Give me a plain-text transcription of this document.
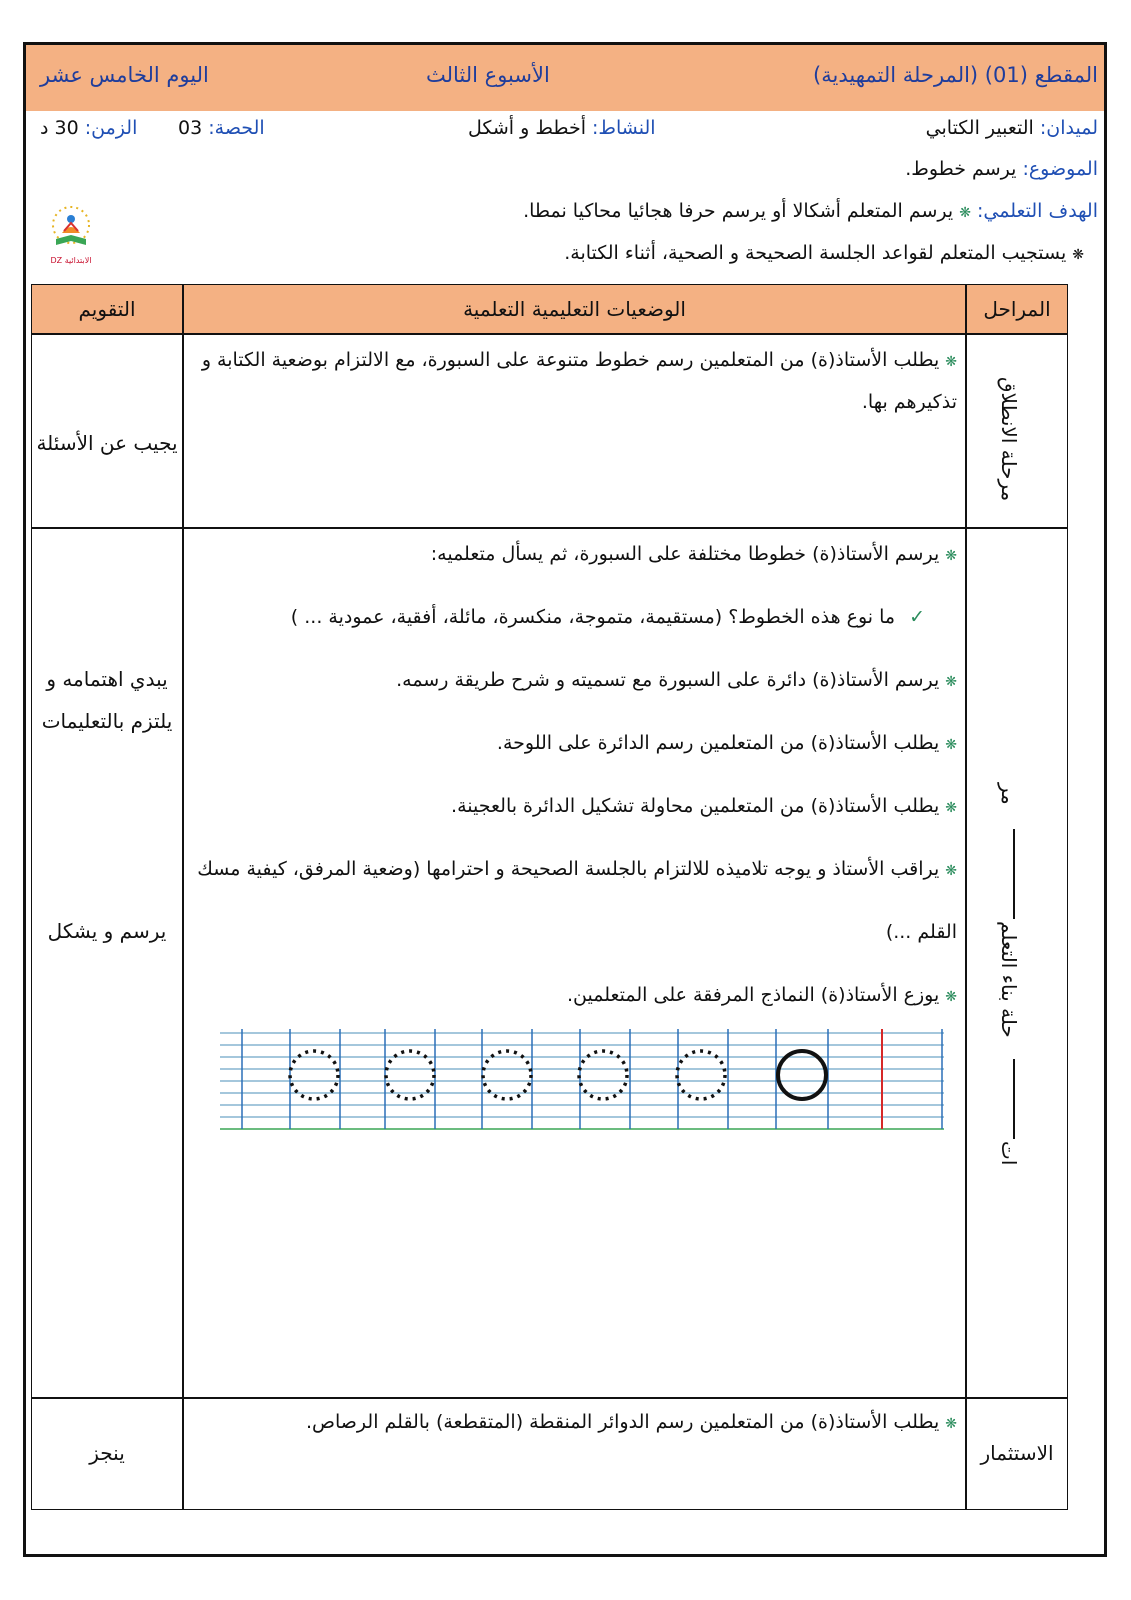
المقطع (01) (المرحلة التمهيدية)
الأسبوع الثالث
اليوم الخامس عشر
لميدان: التعبير الكتابي
النشاط: أخطط و أشكل
الحصة: 03
الزمن: 30 د
الموضوع: يرسم خطوط.
الهدف التعلمي: ❋يرسم المتعلم أشكالا أو يرسم حرفا هجائيا محاكيا نمطا.
❋يستجيب المتعلم لقواعد الجلسة الصحيحة و الصحية، أثناء الكتابة.
DZ الابتدائية
المراحل
الوضعيات التعليمية التعلمية
التقويم
مرحلة الانطلاق
❋يطلب الأستاذ(ة) من المتعلمين رسم خطوط متنوعة على السبورة، مع الالتزام بوضعية الكتابة و
تذكيرهم بها.
يجيب عن الأسئلة
مر
حلة بناء التعلم
ات
❋يرسم الأستاذ(ة) خطوطا مختلفة على السبورة، ثم يسأل متعلميه:
✓ما نوع هذه الخطوط؟ (مستقيمة، متموجة، منكسرة، مائلة، أفقية، عمودية ... )
❋يرسم الأستاذ(ة) دائرة على السبورة مع تسميته و شرح طريقة رسمه.
❋يطلب الأستاذ(ة) من المتعلمين رسم الدائرة على اللوحة.
❋يطلب الأستاذ(ة) من المتعلمين محاولة تشكيل الدائرة بالعجينة.
❋يراقب الأستاذ و يوجه تلاميذه للالتزام بالجلسة الصحيحة و احترامها (وضعية المرفق، كيفية مسك
القلم ...)
❋يوزع الأستاذ(ة) النماذج المرفقة على المتعلمين.
يبدي اهتمامه و
يلتزم بالتعليمات
يرسم و يشكل
الاستثمار
❋يطلب الأستاذ(ة) من المتعلمين رسم الدوائر المنقطة (المتقطعة) بالقلم الرصاص.
ينجز
